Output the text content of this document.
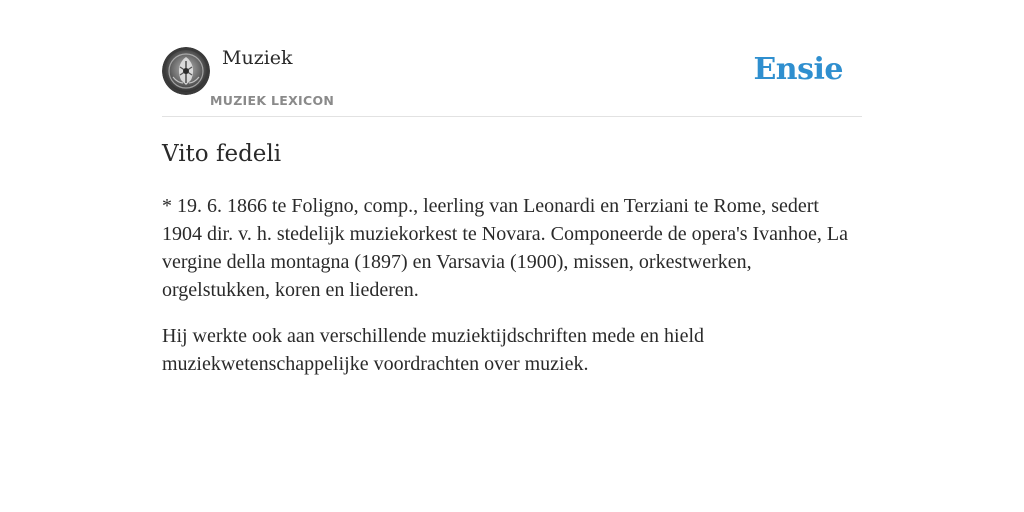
Muziek
MUZIEK LEXICON
Ensie
Vito fedeli

* 19. 6. 1866 te Foligno, comp., leerling van Leonardi en Terziani te Rome, sedert 1904 dir. v. h. stedelijk muziekorkest te Novara. Componeerde de opera's Ivanhoe, La vergine della montagna (1897) en Varsavia (1900), missen, orkestwerken, orgelstukken, koren en liederen.

Hij werkte ook aan verschillende muziektijdschriften mede en hield muziekwetenschappelijke voordrachten over muziek.
